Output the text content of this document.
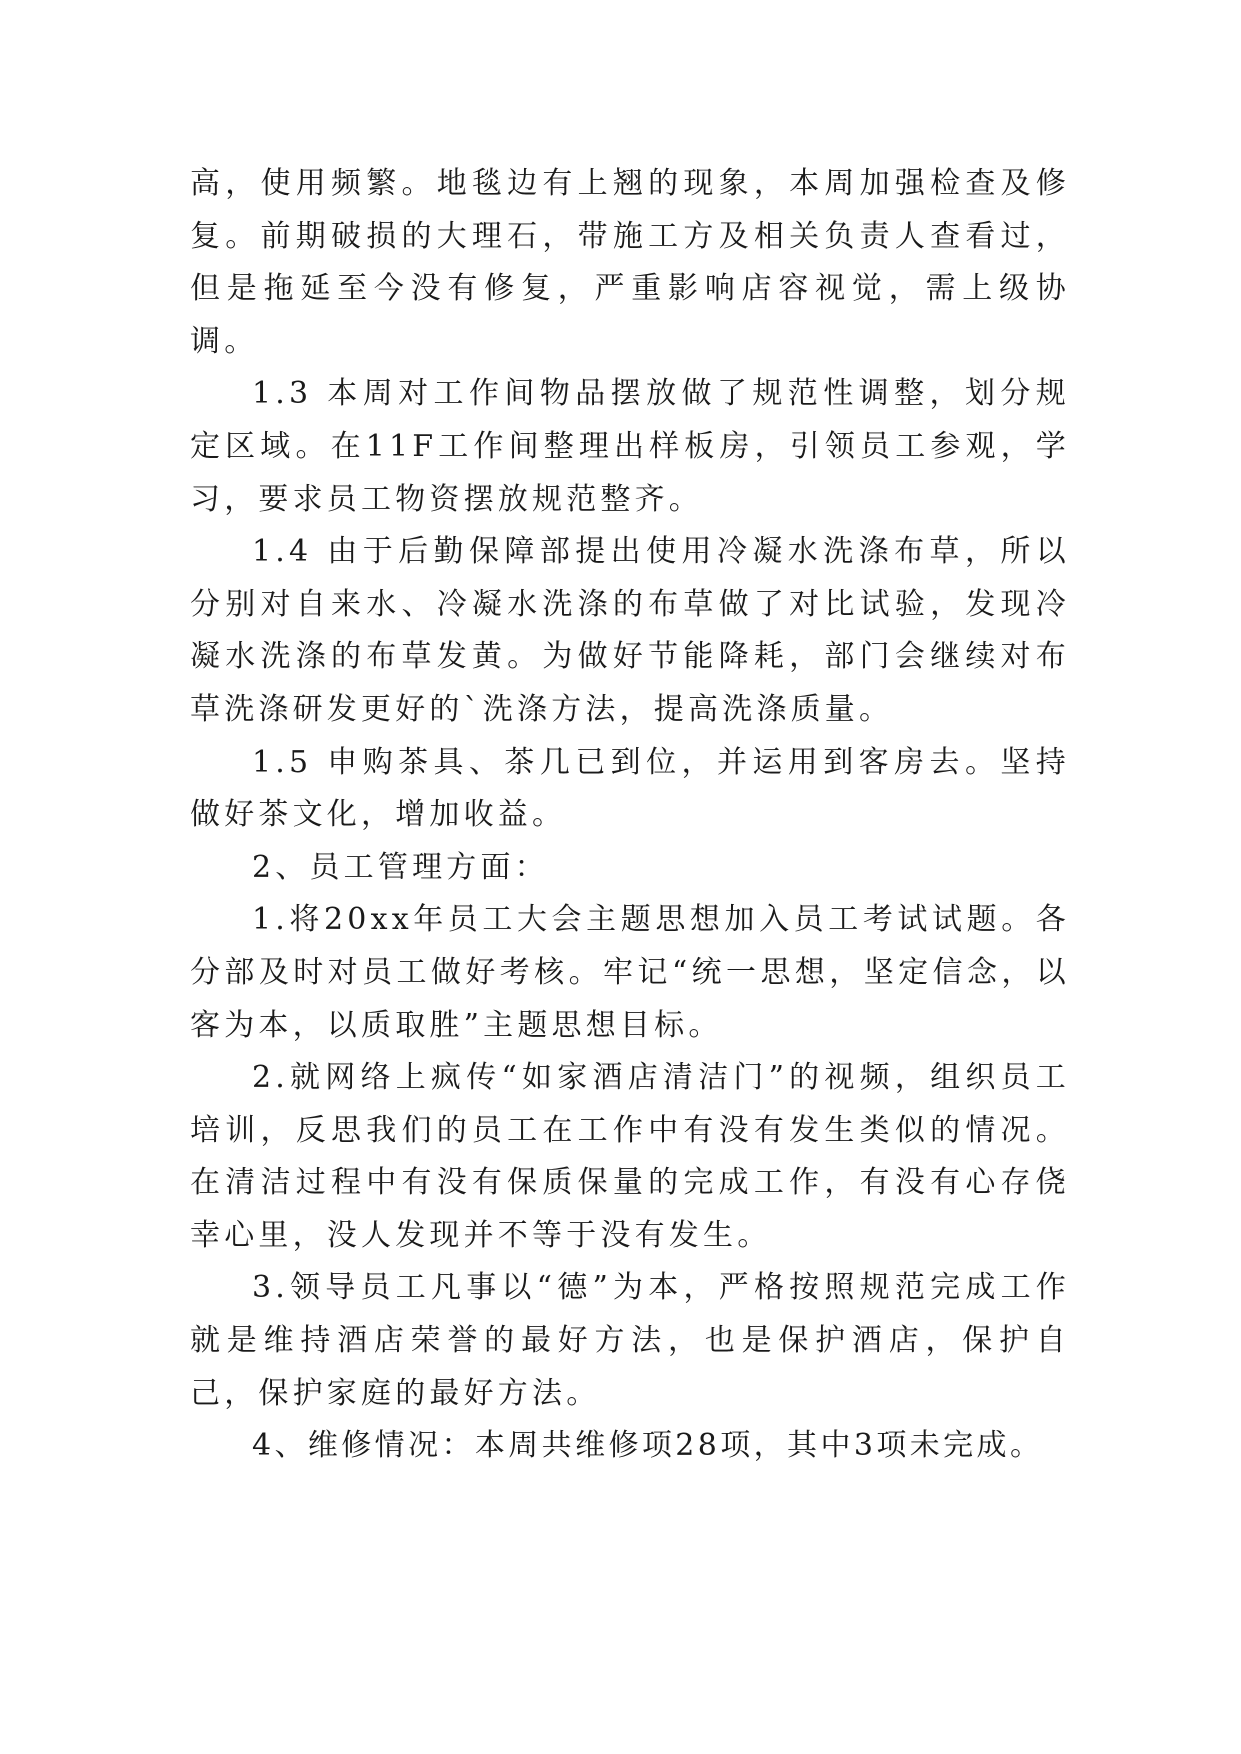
高，使用频繁。地毯边有上翘的现象，本周加强检查及修复。前期破损的大理石，带施工方及相关负责人查看过，但是拖延至今没有修复，严重影响店容视觉，需上级协调。

1.3 本周对工作间物品摆放做了规范性调整，划分规定区域。在11F工作间整理出样板房，引领员工参观，学习，要求员工物资摆放规范整齐。

1.4 由于后勤保障部提出使用冷凝水洗涤布草，所以分别对自来水、冷凝水洗涤的布草做了对比试验，发现冷凝水洗涤的布草发黄。为做好节能降耗，部门会继续对布草洗涤研发更好的`洗涤方法，提高洗涤质量。

1.5 申购茶具、茶几已到位，并运用到客房去。坚持做好茶文化，增加收益。

2、员工管理方面：

1.将20xx年员工大会主题思想加入员工考试试题。各分部及时对员工做好考核。牢记“统一思想，坚定信念，以客为本，以质取胜”主题思想目标。

2.就网络上疯传“如家酒店清洁门”的视频，组织员工培训，反思我们的员工在工作中有没有发生类似的情况。在清洁过程中有没有保质保量的完成工作，有没有心存侥幸心里，没人发现并不等于没有发生。

3.领导员工凡事以“德”为本，严格按照规范完成工作就是维持酒店荣誉的最好方法，也是保护酒店，保护自己，保护家庭的最好方法。

4、维修情况：本周共维修项28项，其中3项未完成。
